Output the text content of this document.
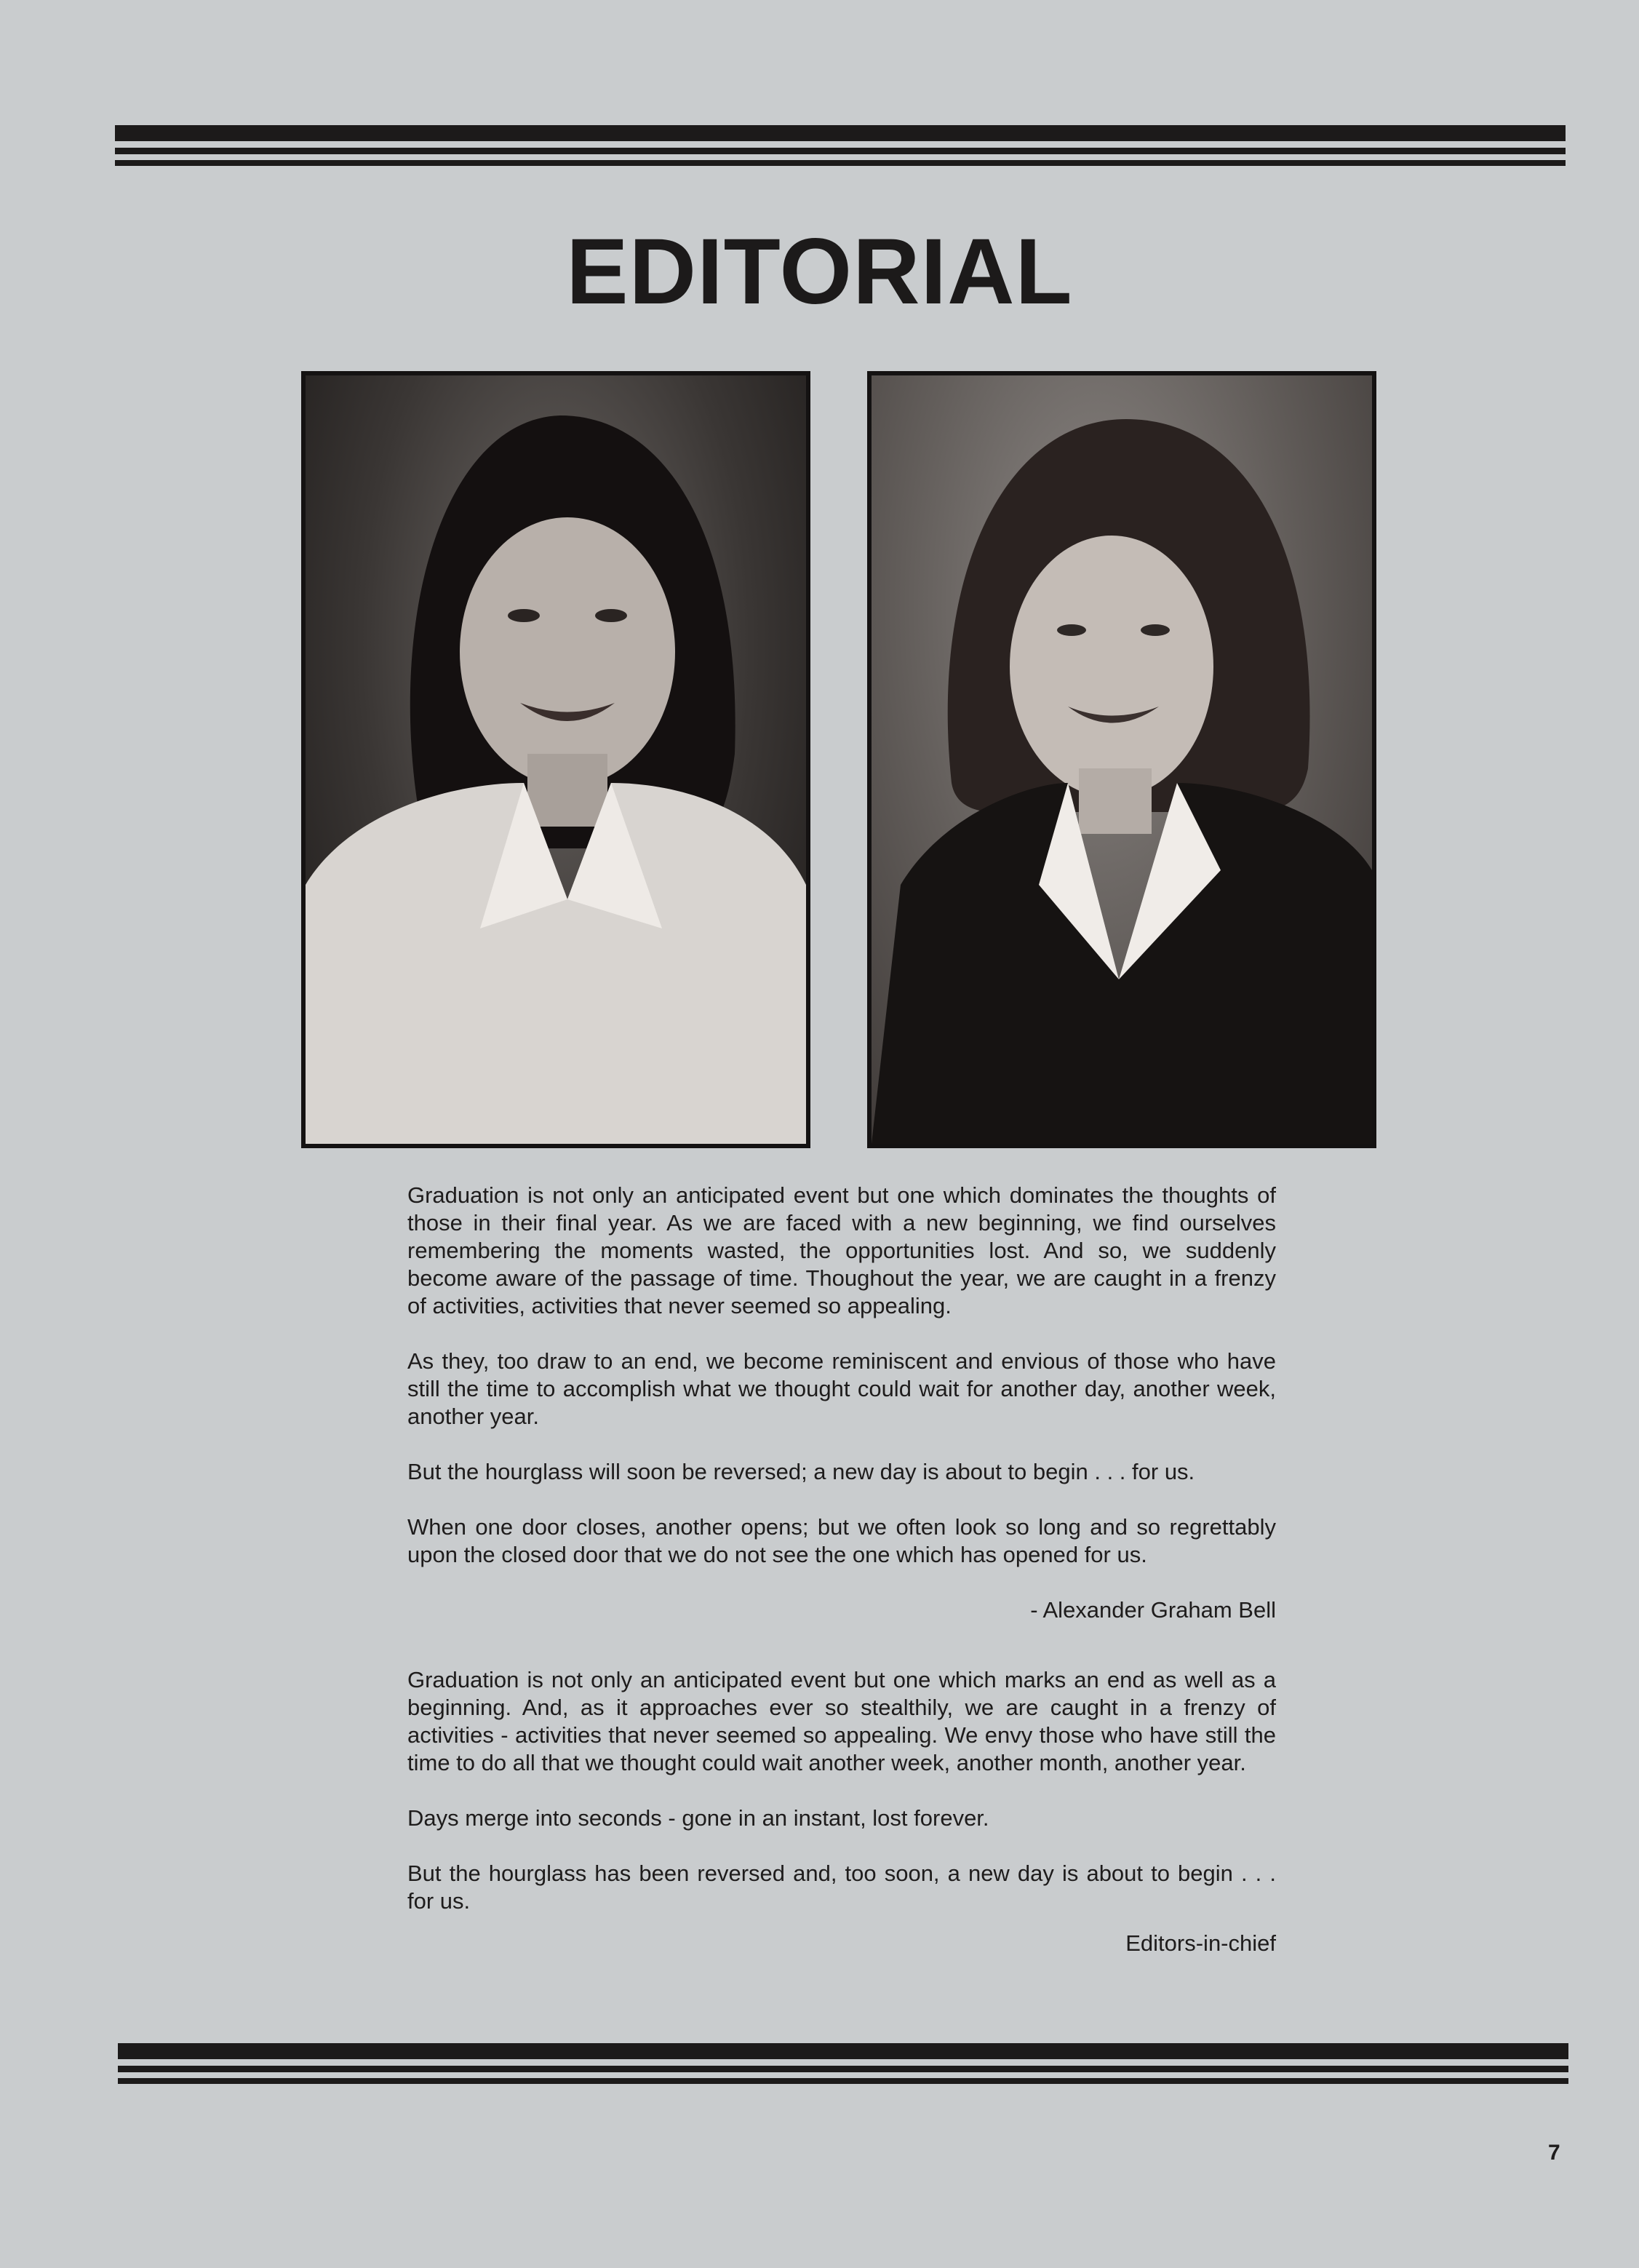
EDITORIAL

Graduation is not only an anticipated event but one which dominates the thoughts of those in their final year. As we are faced with a new beginning, we find ourselves remembering the moments wasted, the opportunities lost. And so, we suddenly become aware of the passage of time. Thoughout the year, we are caught in a frenzy of activities, activities that never seemed so appealing.

As they, too draw to an end, we become reminiscent and envious of those who have still the time to accomplish what we thought could wait for another day, another week, another year.

But the hourglass will soon be reversed; a new day is about to begin . . . for us.

When one door closes, another opens; but we often look so long and so regrettably upon the closed door that we do not see the one which has opened for us.

- Alexander Graham Bell

Graduation is not only an anticipated event but one which marks an end as well as a beginning. And, as it approaches ever so stealthily, we are caught in a frenzy of activities - activities that never seemed so appealing. We envy those who have still the time to do all that we thought could wait another week, another month, another year.

Days merge into seconds - gone in an instant, lost forever.

But the hourglass has been reversed and, too soon, a new day is about to begin . . . for us.

Editors-in-chief

7
